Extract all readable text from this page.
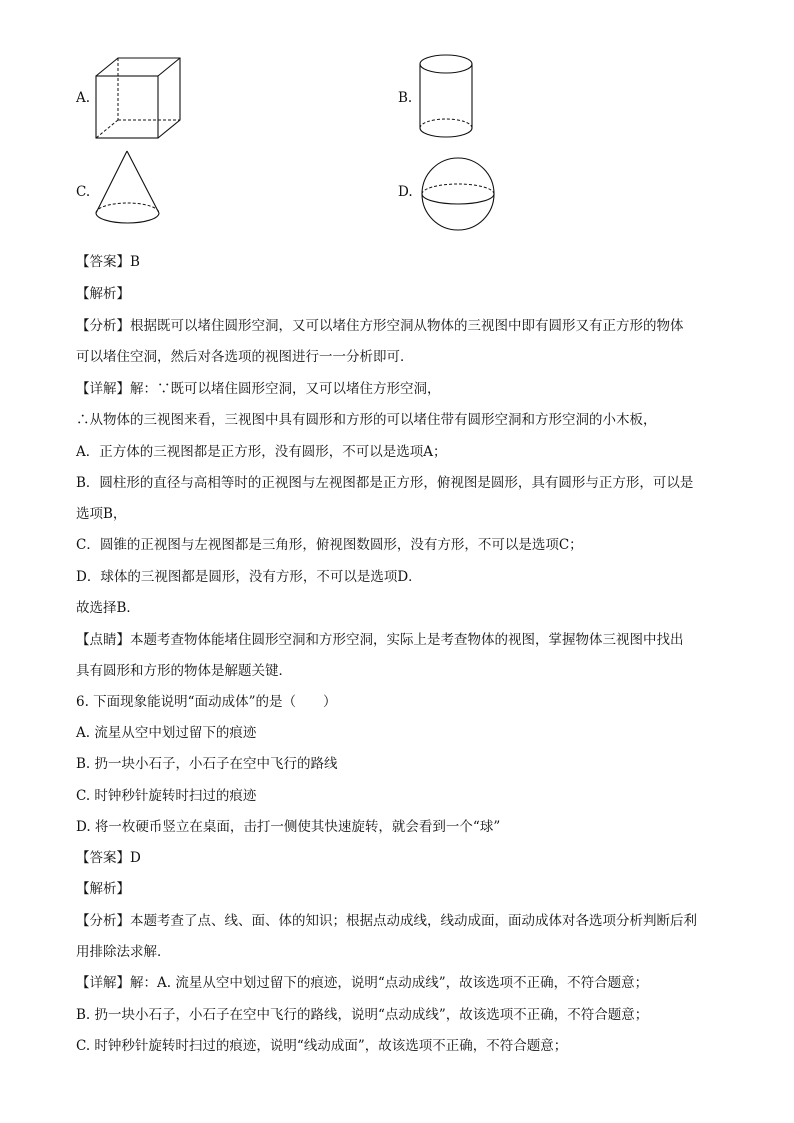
A.	B.
C.	D.
【答案】B
【解析】
【分析】根据既可以堵住圆形空洞，又可以堵住方形空洞从物体的三视图中即有圆形又有正方形的物体
可以堵住空洞，然后对各选项的视图进行一一分析即可．
【详解】解：∵既可以堵住圆形空洞，又可以堵住方形空洞，
∴从物体的三视图来看，三视图中具有圆形和方形的可以堵住带有圆形空洞和方形空洞的小木板，
A．正方体的三视图都是正方形，没有圆形，不可以是选项A；
B．圆柱形的直径与高相等时的正视图与左视图都是正方形，俯视图是圆形，具有圆形与正方形，可以是
选项B，
C．圆锥的正视图与左视图都是三角形，俯视图数圆形，没有方形，不可以是选项C；
D．球体的三视图都是圆形，没有方形，不可以是选项D．
故选择B．
【点睛】本题考查物体能堵住圆形空洞和方形空洞，实际上是考查物体的视图，掌握物体三视图中找出
具有圆形和方形的物体是解题关键．
6. 下面现象能说明“面动成体”的是（　　）
A. 流星从空中划过留下的痕迹
B. 扔一块小石子，小石子在空中飞行的路线
C. 时钟秒针旋转时扫过的痕迹
D. 将一枚硬币竖立在桌面，击打一侧使其快速旋转，就会看到一个“球”
【答案】D
【解析】
【分析】本题考查了点、线、面、体的知识；根据点动成线，线动成面，面动成体对各选项分析判断后利
用排除法求解．
【详解】解：A. 流星从空中划过留下的痕迹，说明“点动成线”，故该选项不正确，不符合题意；
B. 扔一块小石子，小石子在空中飞行的路线，说明“点动成线”，故该选项不正确，不符合题意；
C. 时钟秒针旋转时扫过的痕迹，说明“线动成面”，故该选项不正确，不符合题意；
